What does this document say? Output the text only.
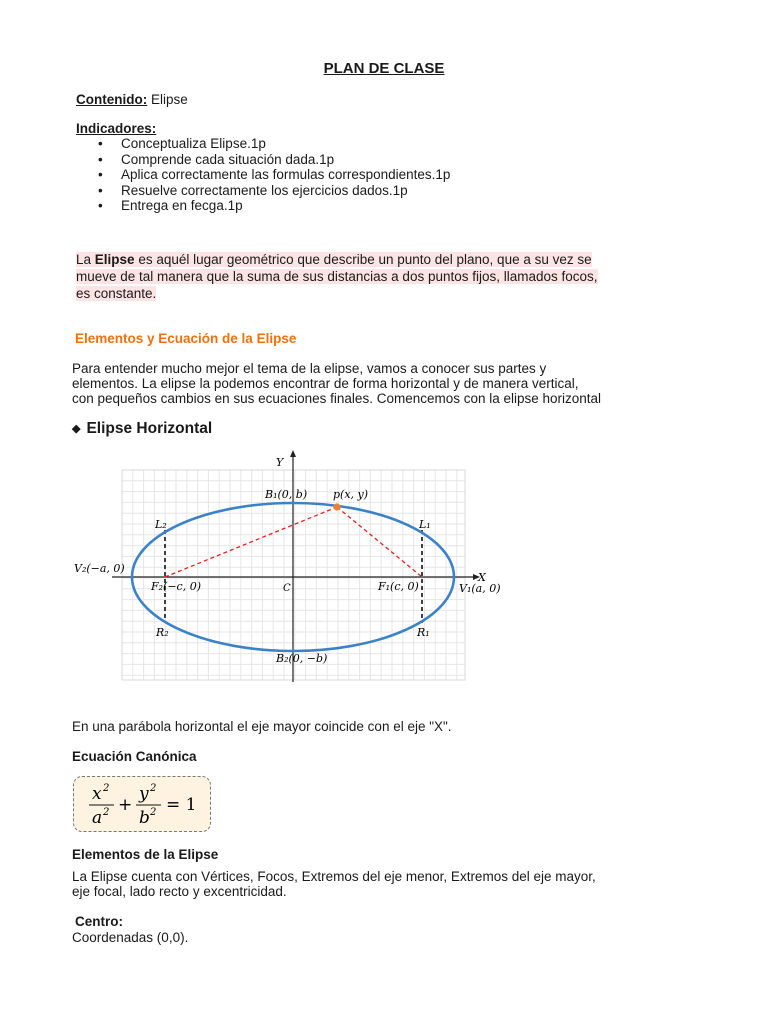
PLAN DE CLASE
Contenido: Elipse
Indicadores:
• Conceptualiza Elipse.1p
• Comprende cada situación dada.1p
• Aplica correctamente las formulas correspondientes.1p
• Resuelve correctamente los ejercicios dados.1p
• Entrega en fecga.1p
La Elipse es aquél lugar geométrico que describe un punto del plano, que a su vez se
mueve de tal manera que la suma de sus distancias a dos puntos fijos, llamados focos,
es constante.
Elementos y Ecuación de la Elipse
Para entender mucho mejor el tema de la elipse, vamos a conocer sus partes y
elementos. La elipse la podemos encontrar de forma horizontal y de manera vertical,
con pequeños cambios en sus ecuaciones finales. Comencemos con la elipse horizontal
◆ Elipse Horizontal
Y
X
B₁(0, b) p(x, y)
L₂	L₁
V₂(−a, 0)
V₁(a, 0)
F₂(−c, 0)	F₁(c, 0)
C
R₂	R₁
B₂(0, −b)
En una parábola horizontal el eje mayor coincide con el eje "X".
Ecuación Canónica
x 2
a 2 +
y 2
b 2 = 1
Elementos de la Elipse
La Elipse cuenta con Vértices, Focos, Extremos del eje menor, Extremos del eje mayor,
eje focal, lado recto y excentricidad.
Centro:
Coordenadas (0,0).
